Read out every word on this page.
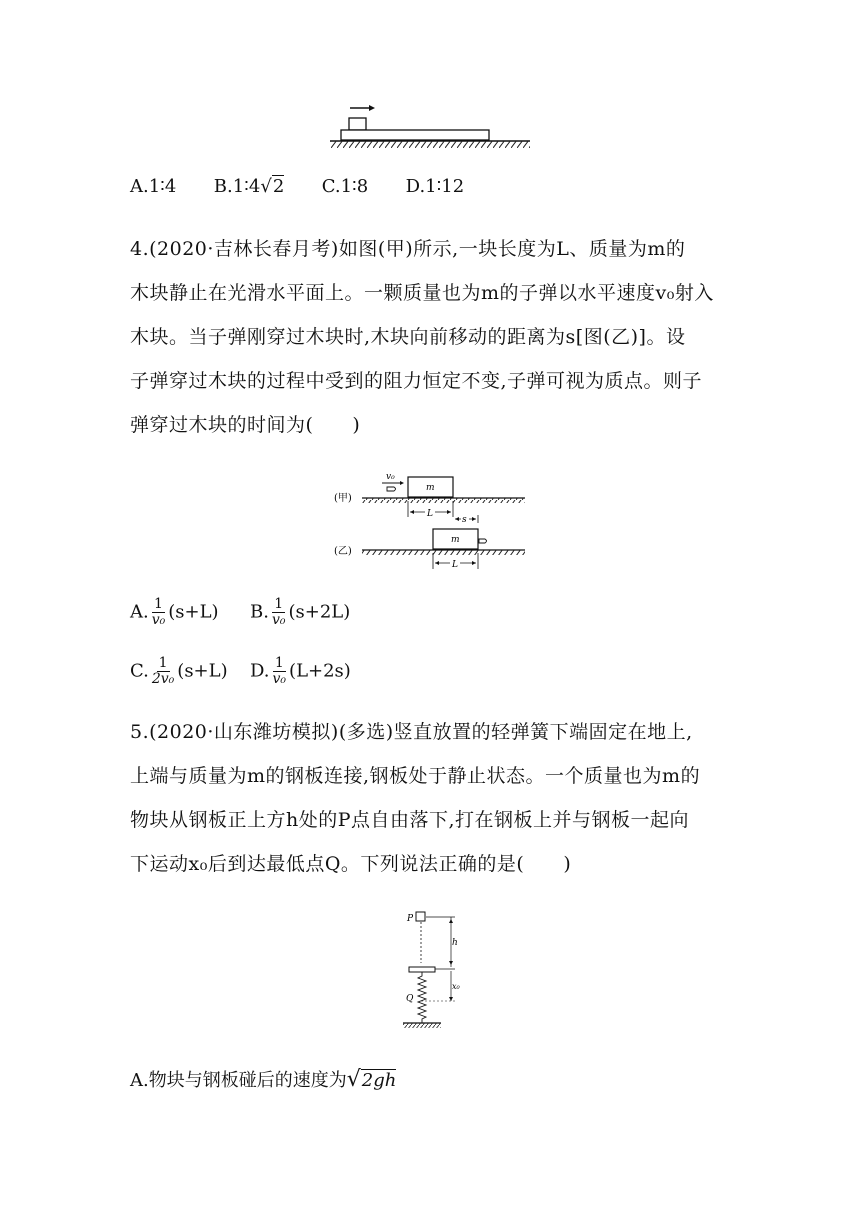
A.1∶4 B.1∶4√2 C.1∶8 D.1∶12
4.(2020·吉林长春月考)如图(甲)所示,一块长度为L、质量为m的
木块静止在光滑水平面上。一颗质量也为m的子弹以水平速度v₀射入
木块。当子弹刚穿过木块时,木块向前移动的距离为s[图(乙)]。设
子弹穿过木块的过程中受到的阻力恒定不变,子弹可视为质点。则子
弹穿过木块的时间为(　　)
(甲)
v₀
m
L
s
(乙)
m
L
A. $\frac{1}{\text{v₀}} (s+L)$ B. $\frac{1}{\text{v₀}} (s+2L)$
C. $\frac{1}{\text{2v₀}} (s+L)$ D. $\frac{1}{\text{v₀}} (L+2s)$
5.(2020·山东潍坊模拟)(多选)竖直放置的轻弹簧下端固定在地上,
上端与质量为m的钢板连接,钢板处于静止状态。一个质量也为m的
物块从钢板正上方h处的P点自由落下,打在钢板上并与钢板一起向
下运动x₀后到达最低点Q。下列说法正确的是(　　)
P
h
x₀
Q
A.物块与钢板碰后的速度为√2gh
